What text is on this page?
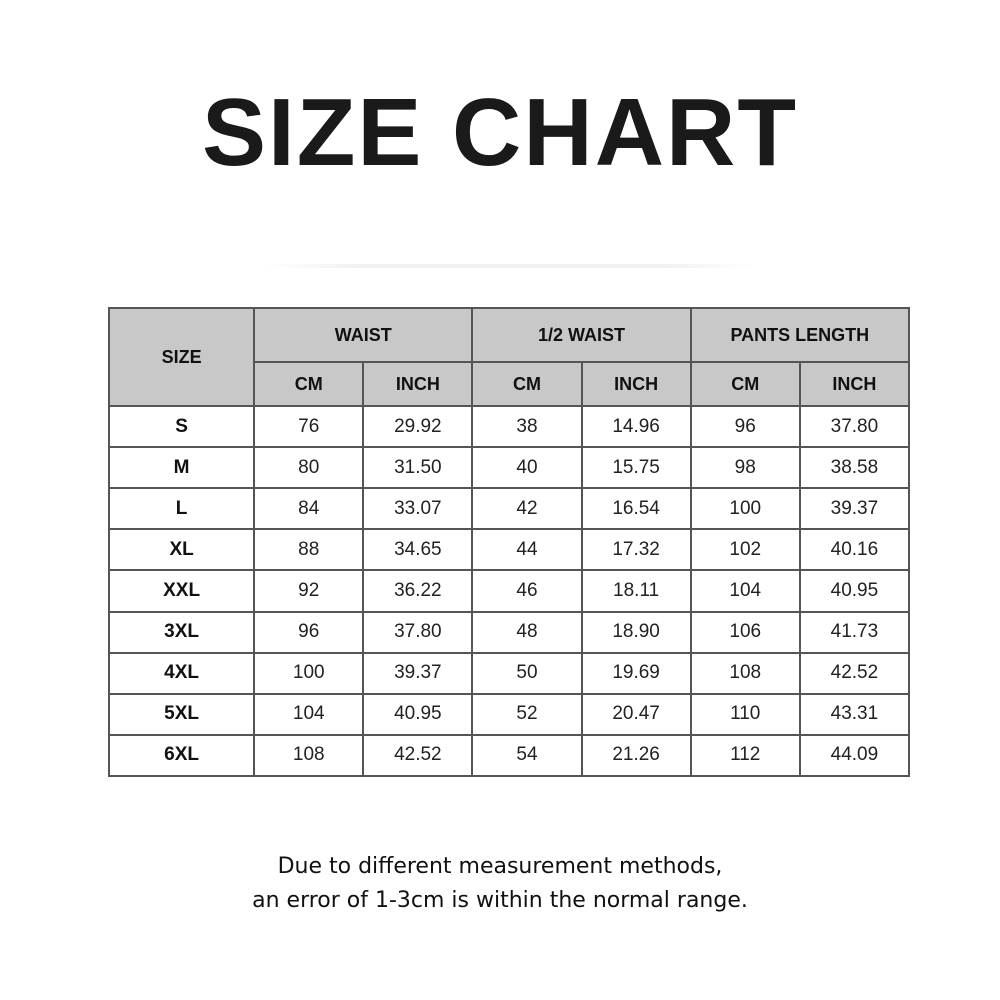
SIZE CHART
SIZE	WAIST		1/2 WAIST		PANTS LENGTH	
	CM	INCH	CM	INCH	CM	INCH
S	76	29.92	38	14.96	96	37.80
M	80	31.50	40	15.75	98	38.58
L	84	33.07	42	16.54	100	39.37
XL	88	34.65	44	17.32	102	40.16
XXL	92	36.22	46	18.11	104	40.95
3XL	96	37.80	48	18.90	106	41.73
4XL	100	39.37	50	19.69	108	42.52
5XL	104	40.95	52	20.47	110	43.31
6XL	108	42.52	54	21.26	112	44.09
Due to different measurement methods,
an error of 1-3cm is within the normal range.
